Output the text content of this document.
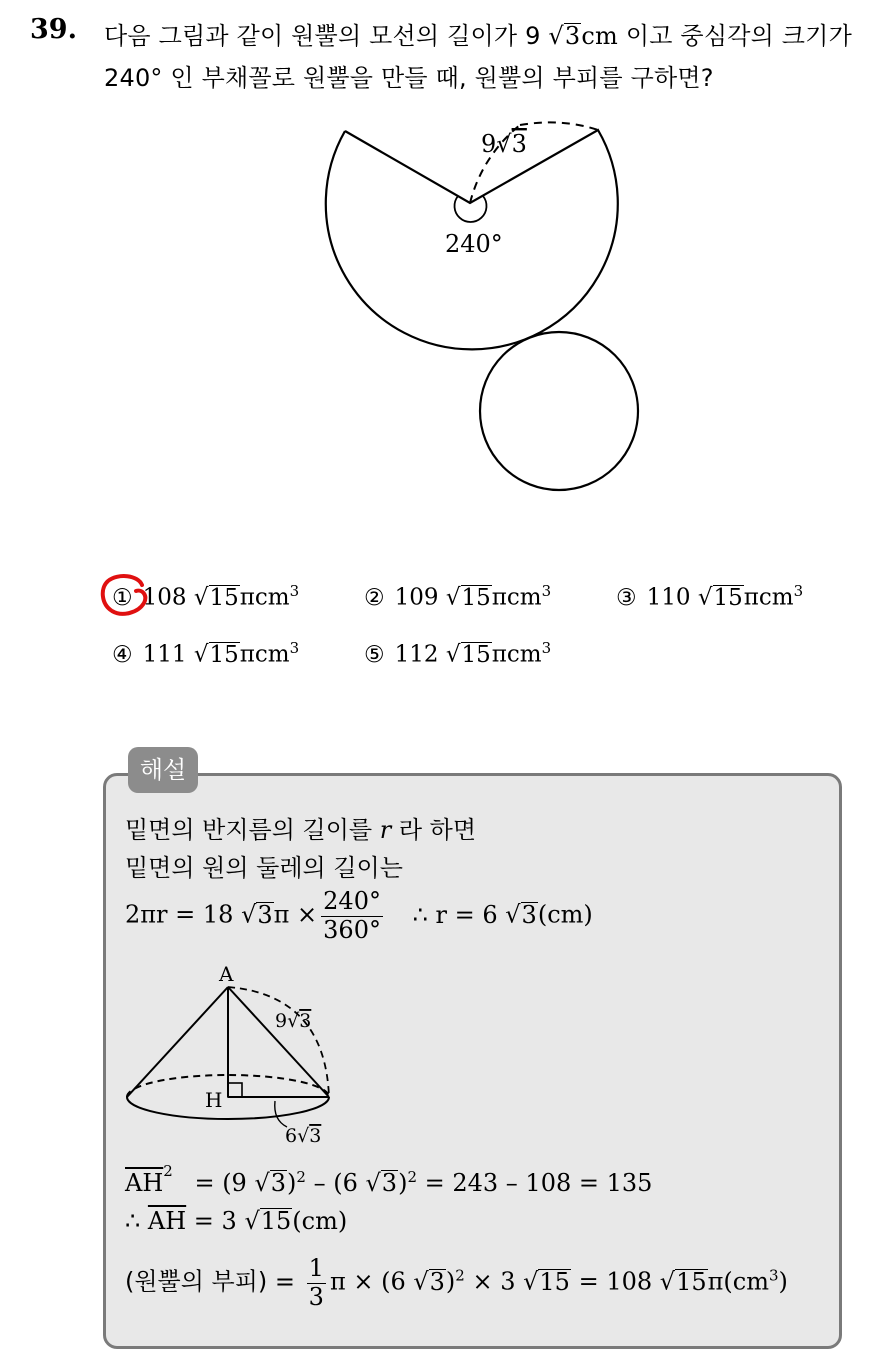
39. 다음 그림과 같이 원뿔의 모선의 길이가 9 √3cm 이고 중심각의 크기가
240° 인 부채꼴로 원뿔을 만들 때, 원뿔의 부피를 구하면?
9√3
240°
① 108 √15πcm$^3$	② 109 √15πcm$^3$	③ 110 √15πcm$^3$
④ 111 √15πcm$^3$	⑤ 112 √15πcm$^3$
해설
밑면의 반지름의 길이를 r 라 하면
밑면의 원의 둘레의 길이는
2πr = 18 $√3\pi \times \frac{240^\circ}{360^\circ}$ ∴ r = 6 √3(cm)
A
H
9√3
6√3
$\overline{AH}^2 = (9$ √3)$^2$ – (6 √3)$^2$ = 243 – 108 = 135
∴ $\overline{AH} = 3$ √15(cm)
(원뿔의 부피) = $\frac{1}{3}$ π × (6 √3)$^2$ × 3 √15 = 108 $√15\pi(cm^3)$
